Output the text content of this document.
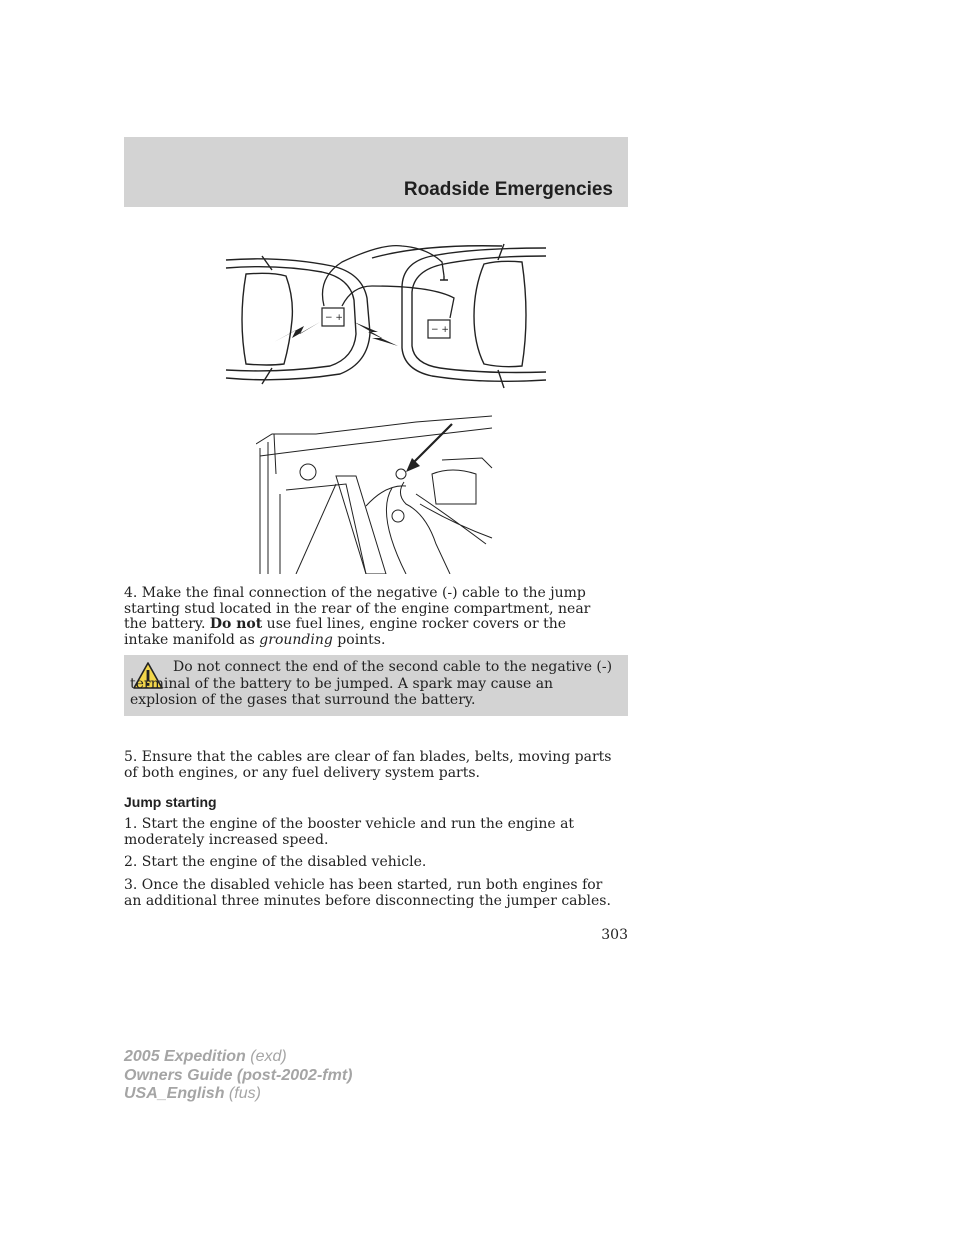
Roadside Emergencies
− +
− +

4. Make the final connection of the negative (-) cable to the jump starting stud located in the rear of the engine compartment, near the battery. Do not use fuel lines, engine rocker covers or the intake manifold as grounding points.

Do not connect the end of the second cable to the negative (-) terminal of the battery to be jumped. A spark may cause an explosion of the gases that surround the battery.

5. Ensure that the cables are clear of fan blades, belts, moving parts of both engines, or any fuel delivery system parts.

Jump starting

1. Start the engine of the booster vehicle and run the engine at moderately increased speed.

2. Start the engine of the disabled vehicle.

3. Once the disabled vehicle has been started, run both engines for an additional three minutes before disconnecting the jumper cables.

303

2005 Expedition (exd)
Owners Guide (post-2002-fmt)
USA_English (fus)
